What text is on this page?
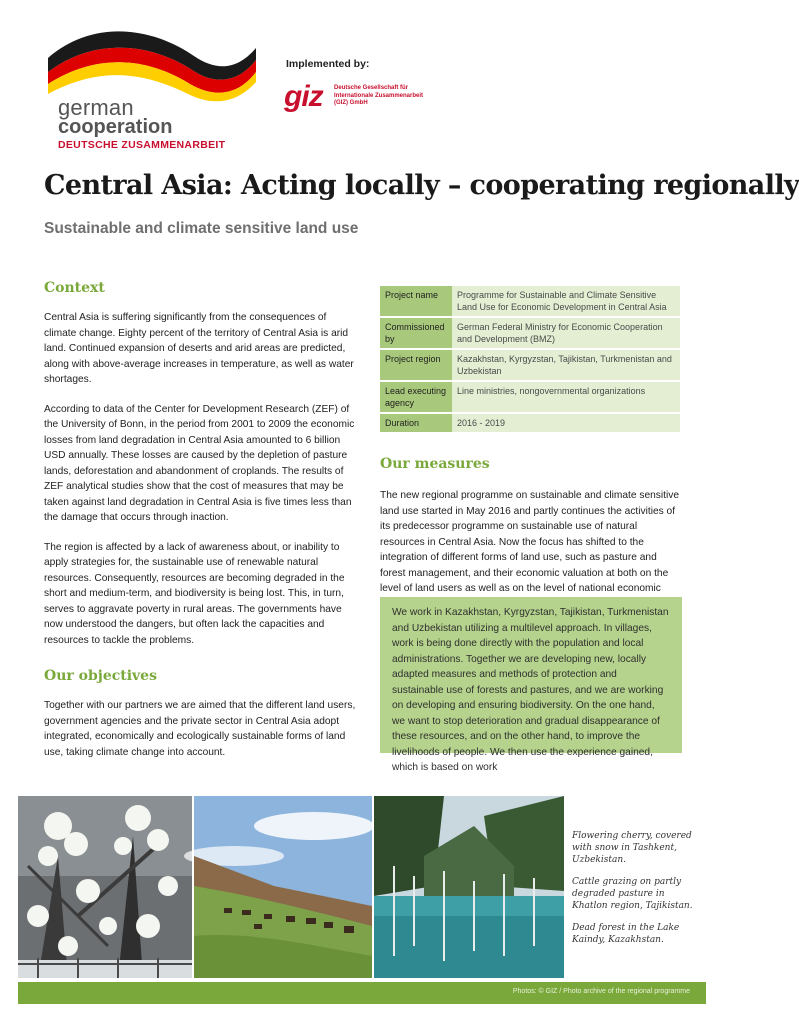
german
cooperation
DEUTSCHE ZUSAMMENARBEIT
Implemented by:
giz Deutsche Gesellschaft für Internationale Zusammenarbeit (GIZ) GmbH
Central Asia: Acting locally – cooperating regionally
Sustainable and climate sensitive land use
Context

Central Asia is suffering significantly from the consequences of climate change. Eighty percent of the territory of Central Asia is arid land. Continued expansion of deserts and arid areas are predicted, along with above-average increases in temperature, as well as water shortages.

According to data of the Center for Development Research (ZEF) of the University of Bonn, in the period from 2001 to 2009 the economic losses from land degradation in Central Asia amounted to 6 billion USD annually. These losses are caused by the depletion of pasture lands, deforestation and abandonment of croplands. The results of ZEF analytical studies show that the cost of measures that may be taken against land degradation in Central Asia is five times less than the damage that occurs through inaction.

The region is affected by a lack of awareness about, or inability to apply strategies for, the sustainable use of renewable natural resources. Consequently, resources are becoming degraded in the short and medium-term, and biodiversity is being lost. This, in turn, serves to aggravate poverty in rural areas. The governments have now understood the dangers, but often lack the capacities and resources to tackle the problems.

Our objectives

Together with our partners we are aimed that the different land users, government agencies and the private sector in Central Asia adopt integrated, economically and ecologically sustainable forms of land use, taking climate change into account.

Project name	Programme for Sustainable and Climate Sensitive Land Use for Economic Development in Central Asia
Commissioned by	German Federal Ministry for Economic Cooperation and Development (BMZ)
Project region	Kazakhstan, Kyrgyzstan, Tajikistan, Turkmenistan and Uzbekistan
Lead executing agency	Line ministries, nongovernmental organizations
Duration	2016 - 2019
Our measures

The new regional programme on sustainable and climate sensitive land use started in May 2016 and partly continues the activities of its predecessor programme on sustainable use of natural resources in Central Asia. Now the focus has shifted to the integration of different forms of land use, such as pasture and forest management, and their economic valuation at both on the level of land users as well as on the level of national economic

We work in Kazakhstan, Kyrgyzstan, Tajikistan, Turkmenistan and Uzbekistan utilizing a multilevel approach. In villages, work is being done directly with the population and local administrations. Together we are developing new, locally adapted measures and methods of protection and sustainable use of forests and pastures, and we are working on developing and ensuring biodiversity. On the one hand, we want to stop deterioration and gradual disappearance of these resources, and on the other hand, to improve the livelihoods of people. We then use the experience gained, which is based on work

Flowering cherry, covered with snow in Tashkent, Uzbekistan.

Cattle grazing on partly degraded pasture in Khatlon region, Tajikistan.

Dead forest in the Lake Kaindy, Kazakhstan.

Photos: © GIZ / Photo archive of the regional programme
